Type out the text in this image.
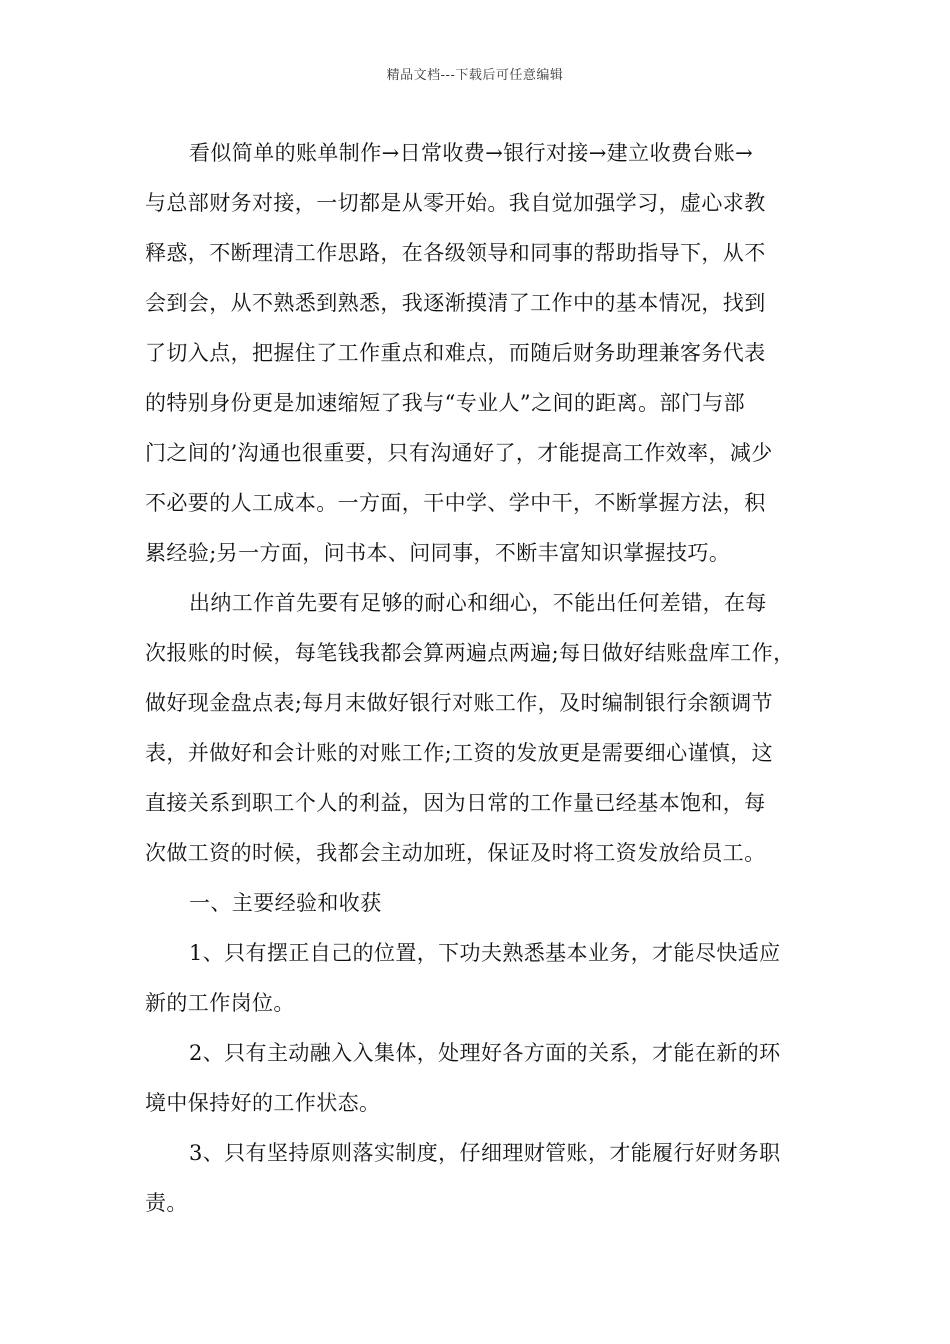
精品文档---下载后可任意编辑
看似简单的账单制作→日常收费→银行对接→建立收费台账→
与总部财务对接，一切都是从零开始。我自觉加强学习，虚心求教
释惑，不断理清工作思路，在各级领导和同事的帮助指导下，从不
会到会，从不熟悉到熟悉，我逐渐摸清了工作中的基本情况，找到
了切入点，把握住了工作重点和难点，而随后财务助理兼客务代表
的特别身份更是加速缩短了我与“专业人”之间的距离。部门与部
门之间的’沟通也很重要，只有沟通好了，才能提高工作效率，减少
不必要的人工成本。一方面，干中学、学中干，不断掌握方法，积
累经验;另一方面，问书本、问同事，不断丰富知识掌握技巧。
出纳工作首先要有足够的耐心和细心，不能出任何差错，在每
次报账的时候，每笔钱我都会算两遍点两遍;每日做好结账盘库工作，
做好现金盘点表;每月末做好银行对账工作，及时编制银行余额调节
表，并做好和会计账的对账工作;工资的发放更是需要细心谨慎，这
直接关系到职工个人的利益，因为日常的工作量已经基本饱和，每
次做工资的时候，我都会主动加班，保证及时将工资发放给员工。
一、主要经验和收获
1、只有摆正自己的位置，下功夫熟悉基本业务，才能尽快适应
新的工作岗位。
2、只有主动融入入集体，处理好各方面的关系，才能在新的环
境中保持好的工作状态。
3、只有坚持原则落实制度，仔细理财管账，才能履行好财务职
责。
